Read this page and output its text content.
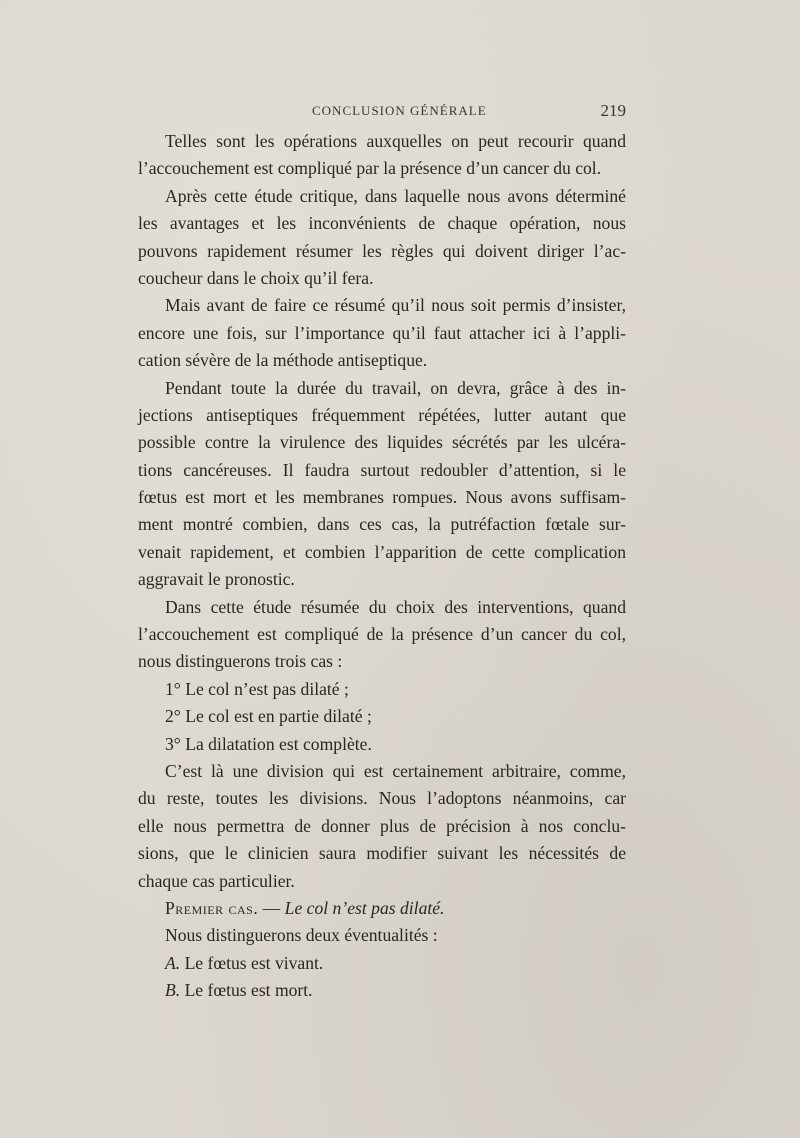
CONCLUSION GÉNÉRALE	219
Telles sont les opérations auxquelles on peut recourir quand
l’accouchement est compliqué par la présence d’un cancer du col.
Après cette étude critique, dans laquelle nous avons déterminé
les avantages et les inconvénients de chaque opération, nous
pouvons rapidement résumer les règles qui doivent diriger l’ac-
coucheur dans le choix qu’il fera.
Mais avant de faire ce résumé qu’il nous soit permis d’insister,
encore une fois, sur l’importance qu’il faut attacher ici à l’appli-
cation sévère de la méthode antiseptique.
Pendant toute la durée du travail, on devra, grâce à des in-
jections antiseptiques fréquemment répétées, lutter autant que
possible contre la virulence des liquides sécrétés par les ulcéra-
tions cancéreuses. Il faudra surtout redoubler d’attention, si le
fœtus est mort et les membranes rompues. Nous avons suffisam-
ment montré combien, dans ces cas, la putréfaction fœtale sur-
venait rapidement, et combien l’apparition de cette complication
aggravait le pronostic.
Dans cette étude résumée du choix des interventions, quand
l’accouchement est compliqué de la présence d’un cancer du col,
nous distinguerons trois cas :
1° Le col n’est pas dilaté ;
2° Le col est en partie dilaté ;
3° La dilatation est complète.
C’est là une division qui est certainement arbitraire, comme,
du reste, toutes les divisions. Nous l’adoptons néanmoins, car
elle nous permettra de donner plus de précision à nos conclu-
sions, que le clinicien saura modifier suivant les nécessités de
chaque cas particulier.
Premier cas. — Le col n’est pas dilaté.
Nous distinguerons deux éventualités :
A. Le fœtus est vivant.
B. Le fœtus est mort.
